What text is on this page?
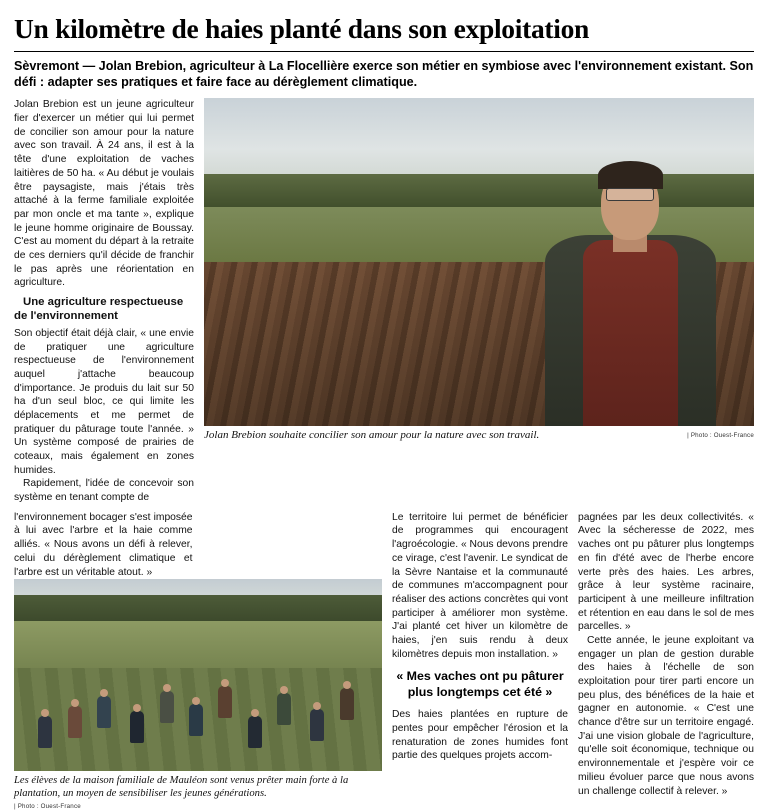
Un kilomètre de haies planté dans son exploitation

Sèvremont — Jolan Brebion, agriculteur à La Flocellière exerce son métier en symbiose avec l'environnement existant. Son défi : adapter ses pratiques et faire face au dérèglement climatique.

Jolan Brebion est un jeune agriculteur fier d'exercer un métier qui lui permet de concilier son amour pour la nature avec son travail. À 24 ans, il est à la tête d'une exploitation de vaches laitières de 50 ha. « Au début je voulais être paysagiste, mais j'étais très attaché à la ferme familiale exploitée par mon oncle et ma tante », explique le jeune homme originaire de Boussay. C'est au moment du départ à la retraite de ces derniers qu'il décide de franchir le pas après une réorientation en agriculture.

Une agriculture respectueuse de l'environnement

Son objectif était déjà clair, « une envie de pratiquer une agriculture respectueuse de l'environnement auquel j'attache beaucoup d'importance. Je produis du lait sur 50 ha d'un seul bloc, ce qui limite les déplacements et me permet de pratiquer du pâturage toute l'année. » Un système composé de prairies de coteaux, mais également en zones humides.

Rapidement, l'idée de concevoir son système en tenant compte de

Jolan Brebion souhaite concilier son amour pour la nature avec son travail.	| Photo : Ouest-France

l'environnement bocager s'est imposée à lui avec l'arbre et la haie comme alliés. « Nous avons un défi à relever, celui du dérèglement climatique et l'arbre est un véritable atout. »

Les élèves de la maison familiale de Mauléon sont venus prêter main forte à la plantation, un moyen de sensibiliser les jeunes générations.
| Photo : Ouest-France

Le territoire lui permet de bénéficier de programmes qui encouragent l'agroécologie. « Nous devons prendre ce virage, c'est l'avenir. Le syndicat de la Sèvre Nantaise et la communauté de communes m'accompagnent pour réaliser des actions concrètes qui vont participer à améliorer mon système. J'ai planté cet hiver un kilomètre de haies, j'en suis rendu à deux kilomètres depuis mon installation. »

« Mes vaches ont pu pâturer plus longtemps cet été »

Des haies plantées en rupture de pentes pour empêcher l'érosion et la renaturation de zones humides font partie des quelques projets accom-

pagnées par les deux collectivités. « Avec la sécheresse de 2022, mes vaches ont pu pâturer plus longtemps en fin d'été avec de l'herbe encore verte près des haies. Les arbres, grâce à leur système racinaire, participent à une meilleure infiltration et rétention en eau dans le sol de mes parcelles. »

Cette année, le jeune exploitant va engager un plan de gestion durable des haies à l'échelle de son exploitation pour tirer parti encore un peu plus, des bénéfices de la haie et gagner en autonomie. « C'est une chance d'être sur un territoire engagé. J'ai une vision globale de l'agriculture, qu'elle soit économique, technique ou environnementale et j'espère voir ce milieu évoluer parce que nous avons un challenge collectif à relever. »
